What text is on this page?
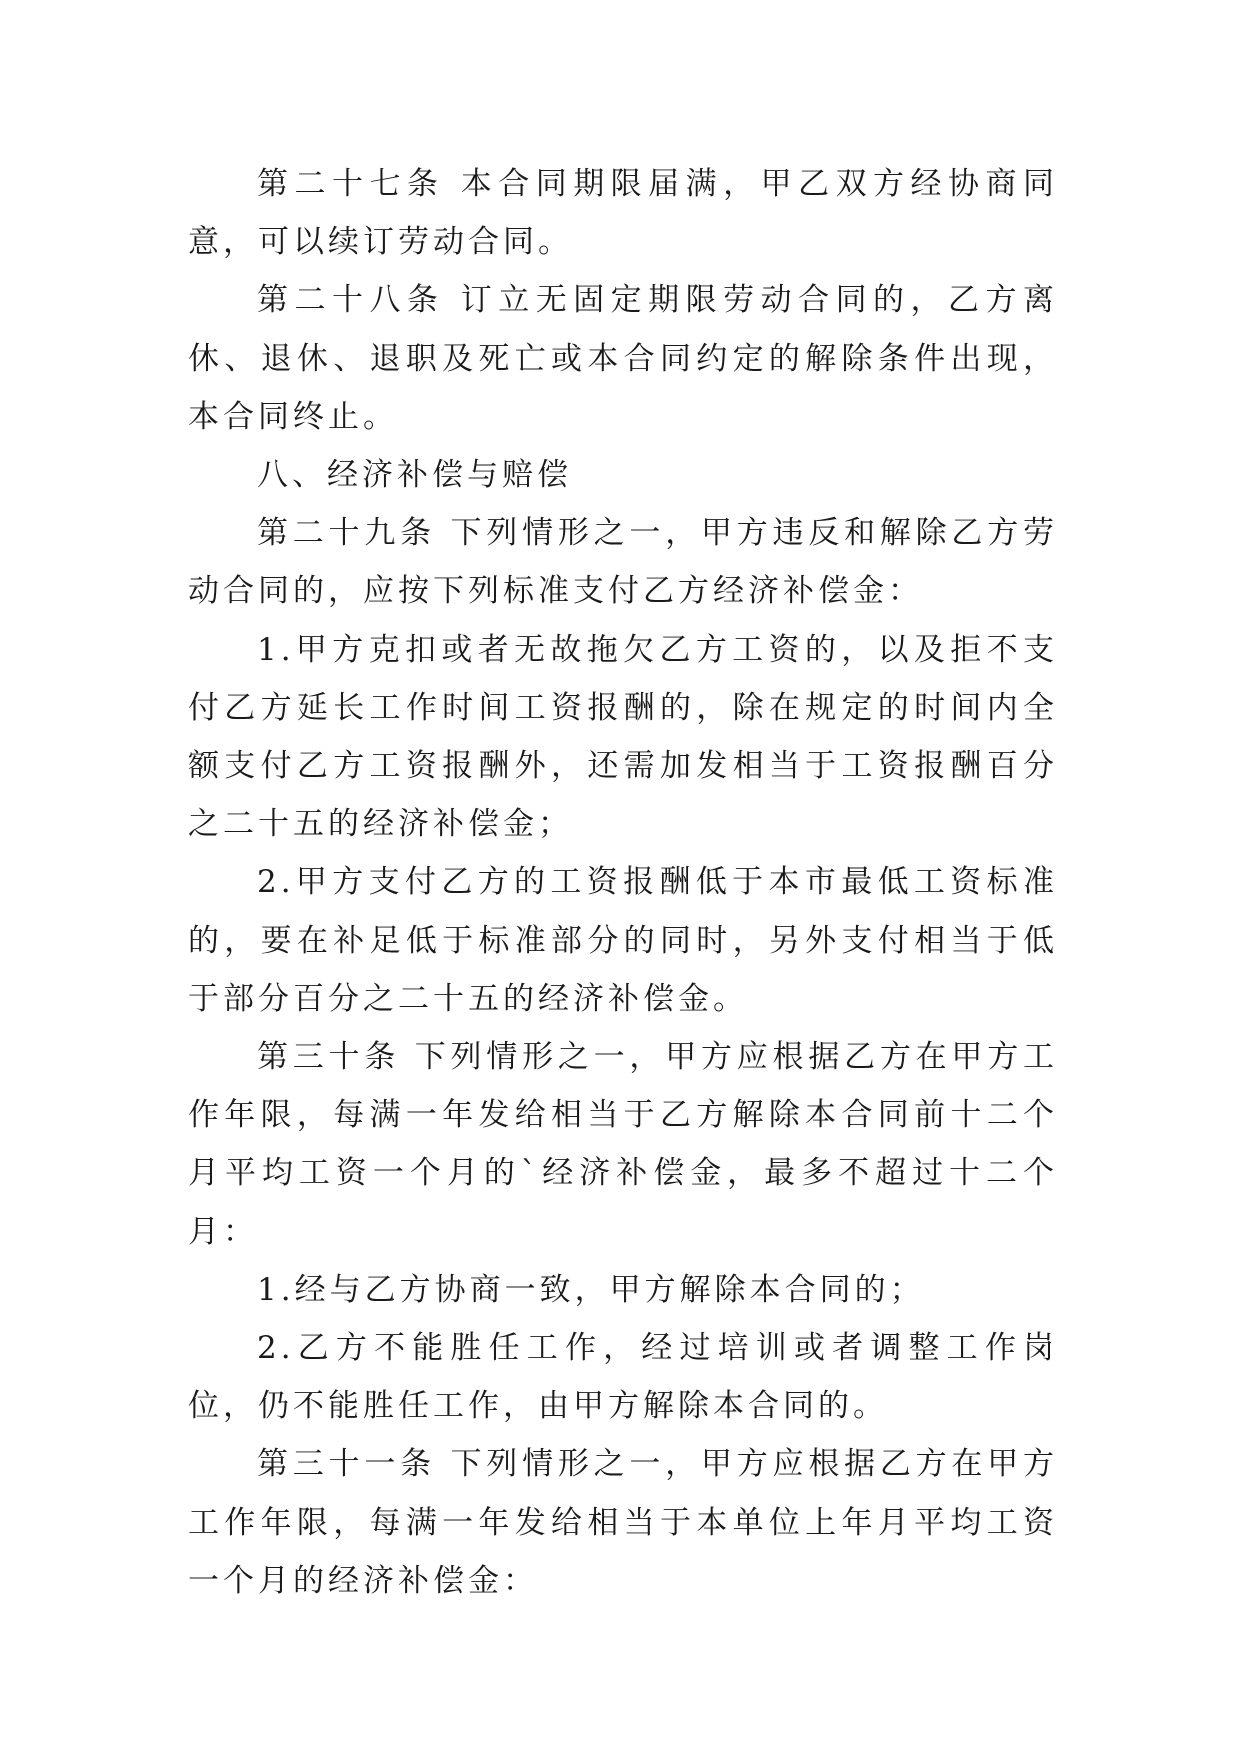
第二十七条 本合同期限届满，甲乙双方经协商同意，可以续订劳动合同。

第二十八条 订立无固定期限劳动合同的，乙方离休、退休、退职及死亡或本合同约定的解除条件出现，本合同终止。

八、经济补偿与赔偿

第二十九条 下列情形之一，甲方违反和解除乙方劳动合同的，应按下列标准支付乙方经济补偿金：

1.甲方克扣或者无故拖欠乙方工资的，以及拒不支付乙方延长工作时间工资报酬的，除在规定的时间内全额支付乙方工资报酬外，还需加发相当于工资报酬百分之二十五的经济补偿金；

2.甲方支付乙方的工资报酬低于本市最低工资标准的，要在补足低于标准部分的同时，另外支付相当于低于部分百分之二十五的经济补偿金。

第三十条 下列情形之一，甲方应根据乙方在甲方工作年限，每满一年发给相当于乙方解除本合同前十二个月平均工资一个月的`经济补偿金，最多不超过十二个月：

1.经与乙方协商一致，甲方解除本合同的；

2.乙方不能胜任工作，经过培训或者调整工作岗位，仍不能胜任工作，由甲方解除本合同的。

第三十一条 下列情形之一，甲方应根据乙方在甲方工作年限，每满一年发给相当于本单位上年月平均工资一个月的经济补偿金：
